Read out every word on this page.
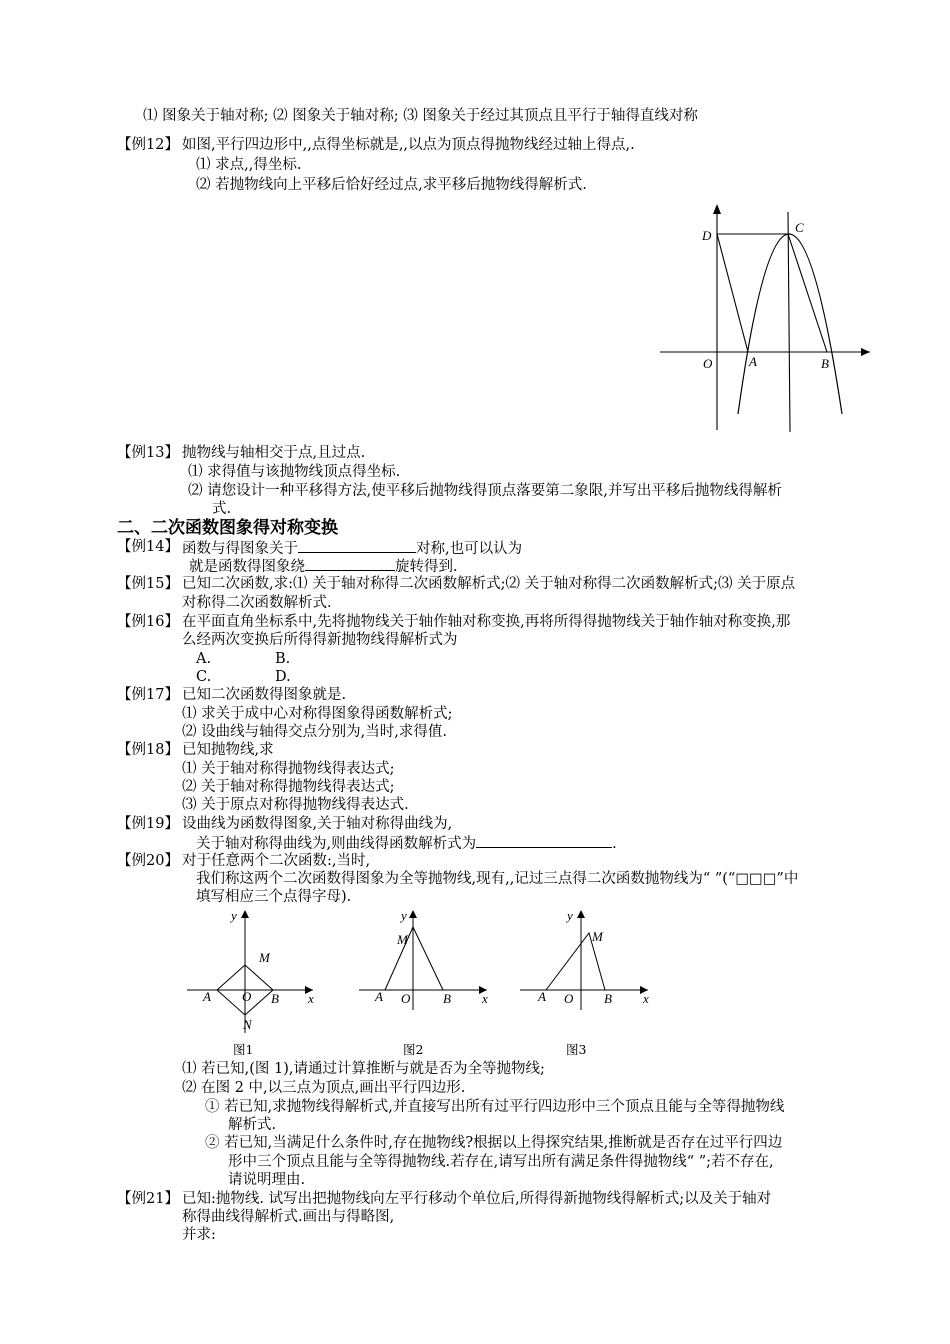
⑴ 图象关于轴对称; ⑵ 图象关于轴对称; ⑶ 图象关于经过其顶点且平行于轴得直线对称
【例12】 如图,平行四边形中,,点得坐标就是,,以点为顶点得抛物线经过轴上得点,.
⑴ 求点,,得坐标.
⑵ 若抛物线向上平移后恰好经过点,求平移后抛物线得解析式.
D
C
O	A	B
【例13】 抛物线与轴相交于点,且过点.
⑴ 求得值与该抛物线顶点得坐标.
⑵ 请您设计一种平移得方法,使平移后抛物线得顶点落要第二象限,并写出平移后抛物线得解析
式.
二、二次函数图象得对称变换
【例14】 函数与得图象关于	对称,也可以认为
就是函数得图象绕	旋转得到.
【例15】 已知二次函数,求:⑴ 关于轴对称得二次函数解析式;⑵ 关于轴对称得二次函数解析式;⑶ 关于原点
对称得二次函数解析式.
【例16】 在平面直角坐标系中,先将抛物线关于轴作轴对称变换,再将所得得抛物线关于轴作轴对称变换,那
么经两次变换后所得得新抛物线得解析式为
A.	B.
C.	D.
【例17】 已知二次函数得图象就是.
⑴ 求关于成中心对称得图象得函数解析式;
⑵ 设曲线与轴得交点分别为,当时,求得值.
【例18】 已知抛物线,求
⑴ 关于轴对称得抛物线得表达式;
⑵ 关于轴对称得抛物线得表达式;
⑶ 关于原点对称得抛物线得表达式.
【例19】 设曲线为函数得图象,关于轴对称得曲线为,
关于轴对称得曲线为,则曲线得函数解析式为	.
【例20】 对于任意两个二次函数:,当时,
我们称这两个二次函数得图象为全等抛物线,现有,,记过三点得二次函数抛物线为“ ”(“□□□”中
填写相应三个点得字母).
y
x
A O B
M
N
图1
y
x
A O	B
M
图2
y
x
A O B
M
图3
⑴ 若已知,(图 1),请通过计算推断与就是否为全等抛物线;
⑵ 在图 2 中,以三点为顶点,画出平行四边形.
① 若已知,求抛物线得解析式,并直接写出所有过平行四边形中三个顶点且能与全等得抛物线
解析式.
② 若已知,当满足什么条件时,存在抛物线?根据以上得探究结果,推断就是否存在过平行四边
形中三个顶点且能与全等得抛物线.若存在,请写出所有满足条件得抛物线“ ”;若不存在,
请说明理由.
【例21】 已知:抛物线. 试写出把抛物线向左平行移动个单位后,所得得新抛物线得解析式;以及关于轴对
称得曲线得解析式.画出与得略图,
并求:
